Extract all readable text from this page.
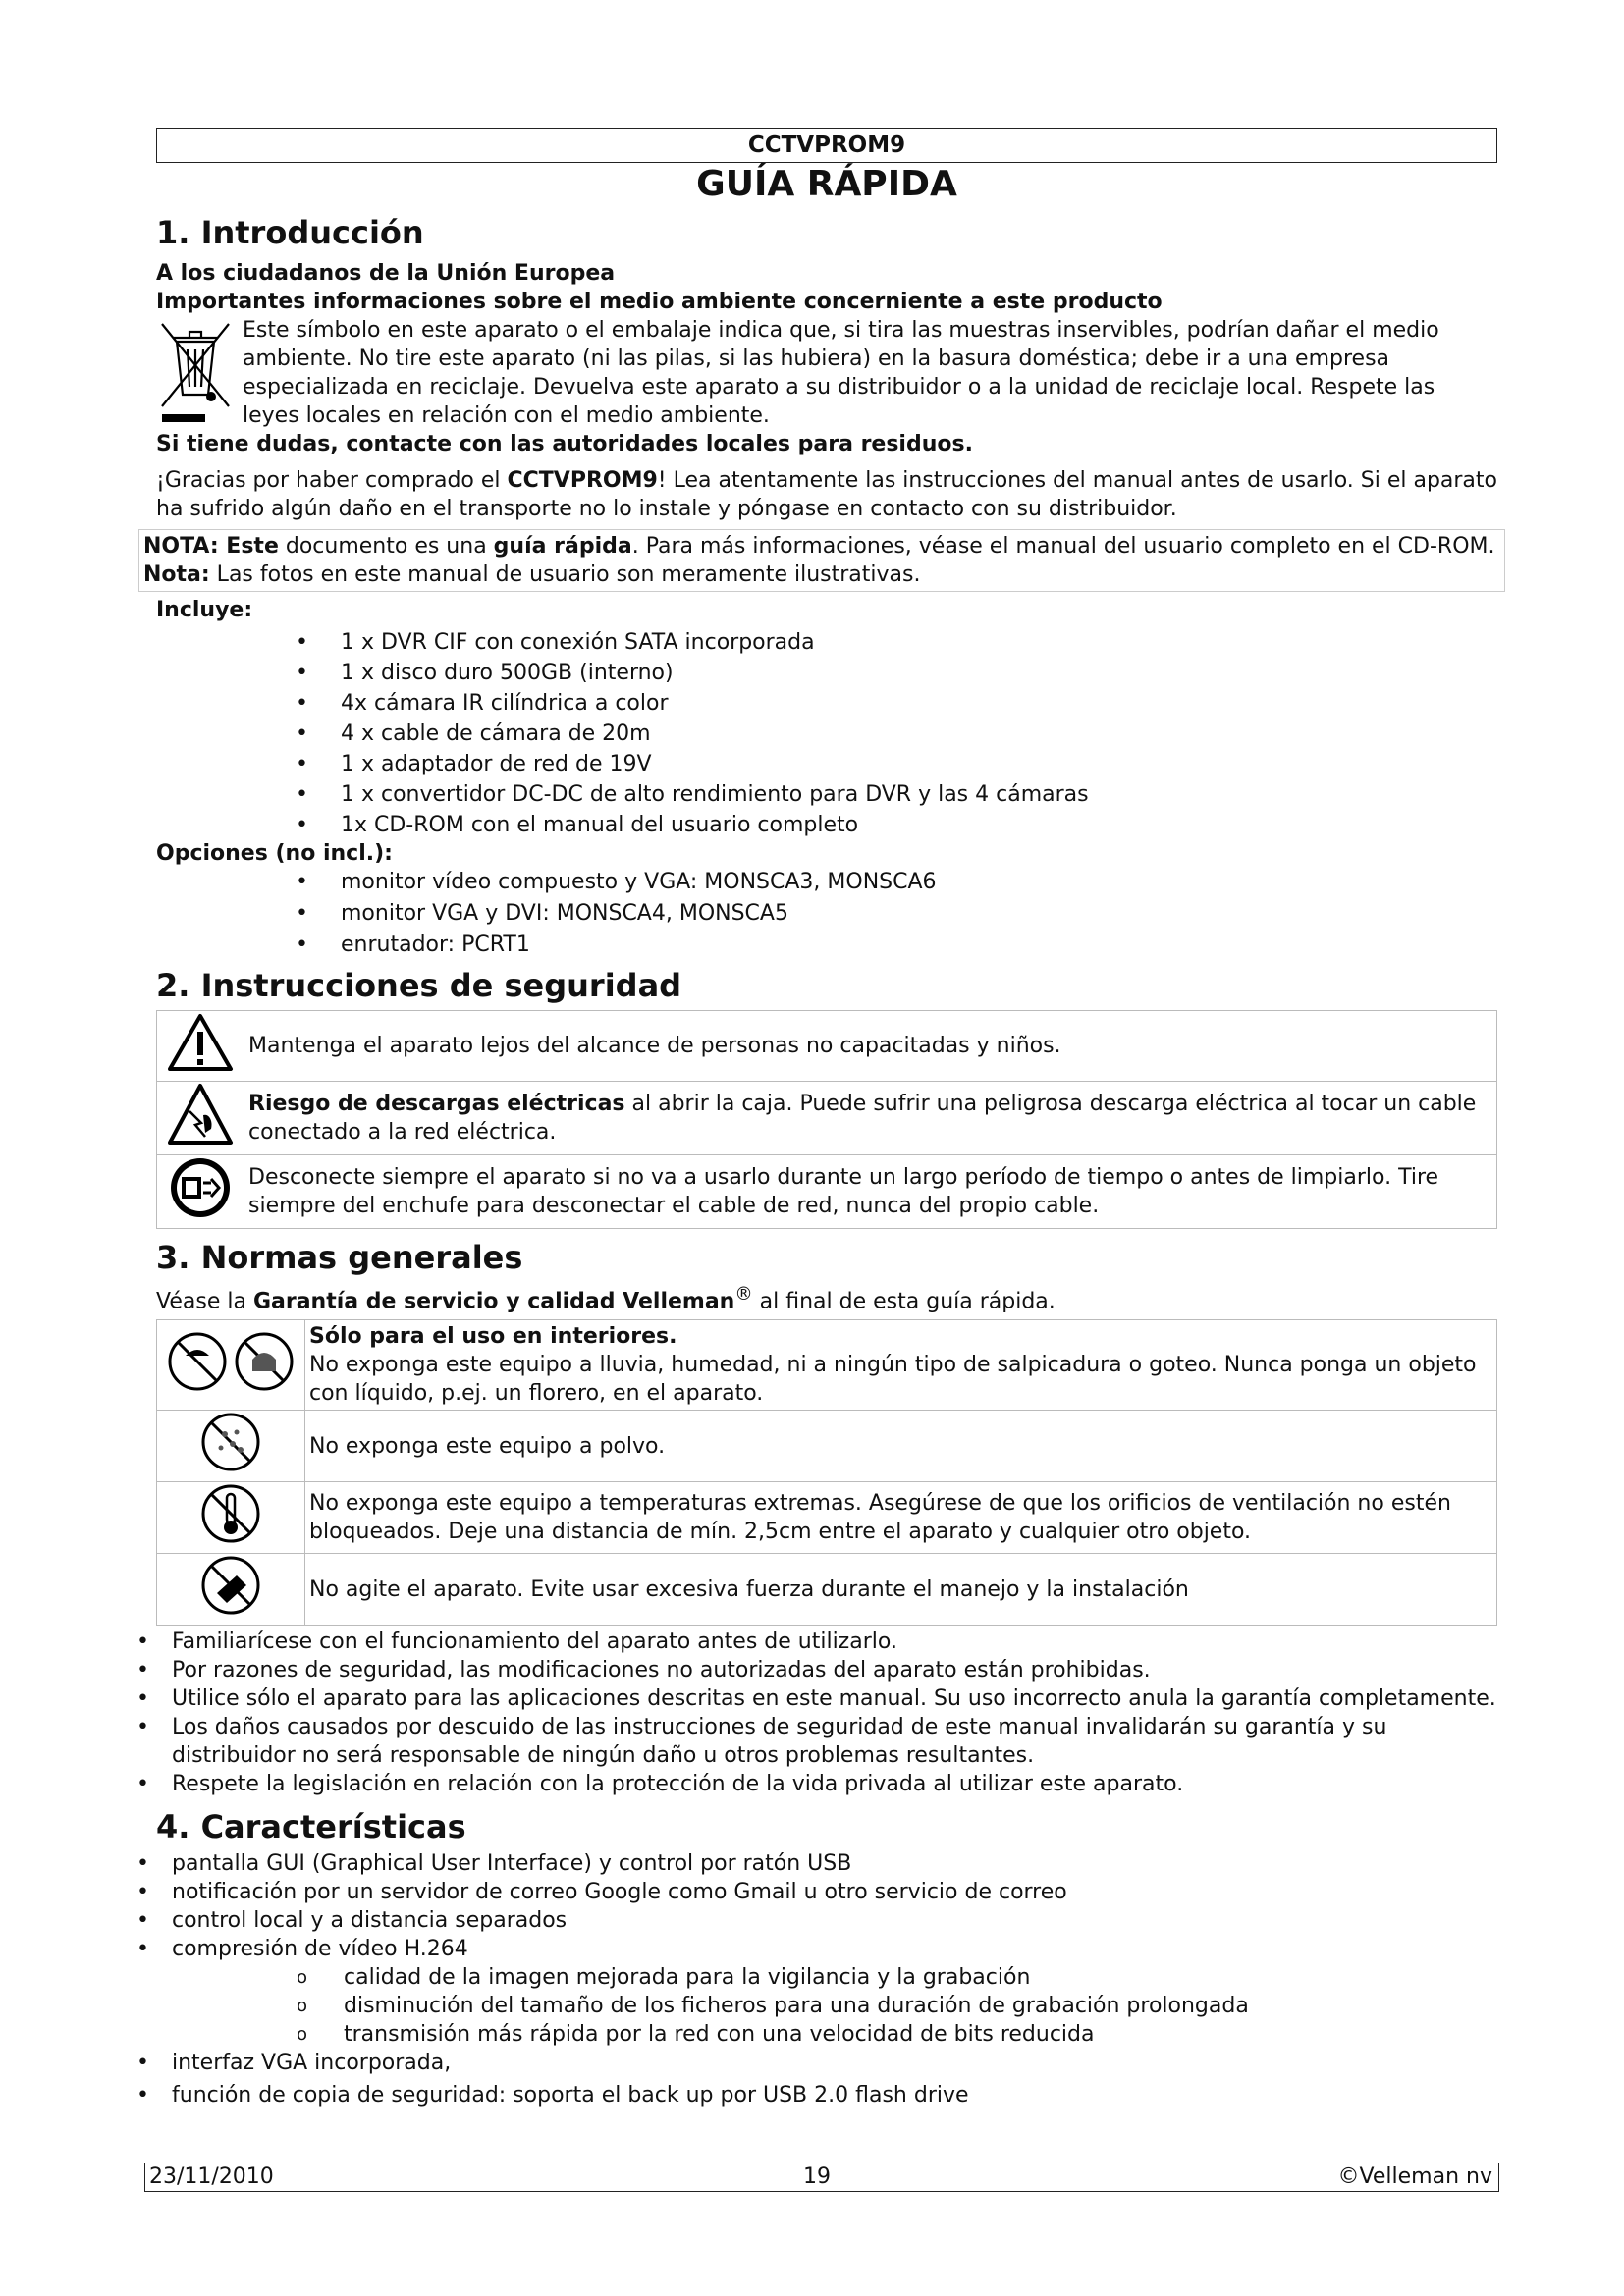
CCTVPROM9
GUÍA RÁPIDA
1. Introducción

A los ciudadanos de la Unión Europea

Importantes informaciones sobre el medio ambiente concerniente a este producto

Este símbolo en este aparato o el embalaje indica que, si tira las muestras inservibles, podrían dañar el medio ambiente. No tire este aparato (ni las pilas, si las hubiera) en la basura doméstica; debe ir a una empresa especializada en reciclaje. Devuelva este aparato a su distribuidor o a la unidad de reciclaje local. Respete las leyes locales en relación con el medio ambiente.

Si tiene dudas, contacte con las autoridades locales para residuos.

¡Gracias por haber comprado el CCTVPROM9! Lea atentamente las instrucciones del manual antes de usarlo. Si el aparato ha sufrido algún daño en el transporte no lo instale y póngase en contacto con su distribuidor.

NOTA: Este documento es una guía rápida. Para más informaciones, véase el manual del usuario completo en el CD-ROM. Nota: Las fotos en este manual de usuario son meramente ilustrativas.

Incluye:

• 1 x DVR CIF con conexión SATA incorporada
• 1 x disco duro 500GB (interno)
• 4x cámara IR cilíndrica a color
• 4 x cable de cámara de 20m
• 1 x adaptador de red de 19V
• 1 x convertidor DC-DC de alto rendimiento para DVR y las 4 cámaras
• 1x CD-ROM con el manual del usuario completo

Opciones (no incl.):

• monitor vídeo compuesto y VGA: MONSCA3, MONSCA6
• monitor VGA y DVI: MONSCA4, MONSCA5
• enrutador: PCRT1
2. Instrucciones de seguridad
	Mantenga el aparato lejos del alcance de personas no capacitadas y niños.
	Riesgo de descargas eléctricas al abrir la caja. Puede sufrir una peligrosa descarga eléctrica al tocar un cable conectado a la red eléctrica.
	Desconecte siempre el aparato si no va a usarlo durante un largo período de tiempo o antes de limpiarlo. Tire siempre del enchufe para desconectar el cable de red, nunca del propio cable.
3. Normas generales

Véase la Garantía de servicio y calidad Velleman® al final de esta guía rápida.

Sólo para el uso en interiores.
No exponga este equipo a lluvia, humedad, ni a ningún tipo de salpicadura o goteo. Nunca ponga un objeto con líquido, p.ej. un florero, en el aparato.

	No exponga este equipo a polvo.
	No exponga este equipo a temperaturas extremas. Asegúrese de que los orificios de ventilación no estén bloqueados. Deje una distancia de mín. 2,5cm entre el aparato y cualquier otro objeto.
	No agite el aparato. Evite usar excesiva fuerza durante el manejo y la instalación
• Familiarícese con el funcionamiento del aparato antes de utilizarlo.
• Por razones de seguridad, las modificaciones no autorizadas del aparato están prohibidas.
• Utilice sólo el aparato para las aplicaciones descritas en este manual. Su uso incorrecto anula la garantía completamente.
• Los daños causados por descuido de las instrucciones de seguridad de este manual invalidarán su garantía y su distribuidor no será responsable de ningún daño u otros problemas resultantes.
• Respete la legislación en relación con la protección de la vida privada al utilizar este aparato.
4. Características
• pantalla GUI (Graphical User Interface) y control por ratón USB
• notificación por un servidor de correo Google como Gmail u otro servicio de correo
• control local y a distancia separados
• compresión de vídeo H.264
o calidad de la imagen mejorada para la vigilancia y la grabación
o disminución del tamaño de los ficheros para una duración de grabación prolongada
o transmisión más rápida por la red con una velocidad de bits reducida
• interfaz VGA incorporada,
• función de copia de seguridad: soporta el back up por USB 2.0 flash drive
23/11/2010	19	©Velleman nv
